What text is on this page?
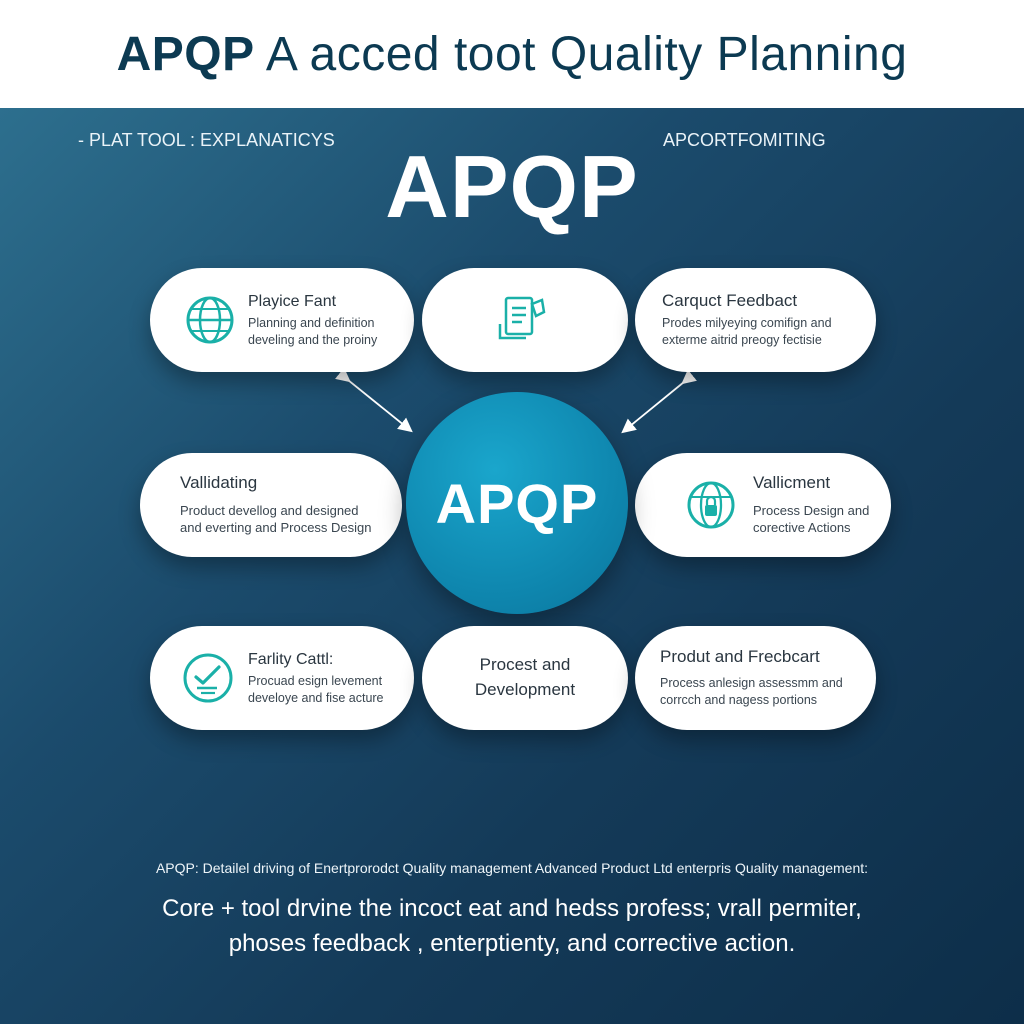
APQP A acced toot Quality Planning
- PLAT TOOL : EXPLANATICYS	APCORTFOMITING
APQP
Playice Fant
Planning and definition
develing and the proiny
Carquct Feedbact
Prodes milyeying comifign and
exterme aitrid preogy fectisie
Vallidating
Product devellog and designed
and everting and Process Design
Vallicment
Process Design and
corective Actions
APQP
Farlity Cattl:
Procuad esign levement
develoye and fise acture
Procest and
Development
Produt and Frecbcart
Process anlesign assessmm and
corrcch and nagess portions
APQP: Detailel driving of Enertprorodct Quality management Advanced Product Ltd enterpris Quality management:
Core + tool drvine the incoct eat and hedss profess; vrall permiter,
phoses feedback , enterptienty, and corrective action.
